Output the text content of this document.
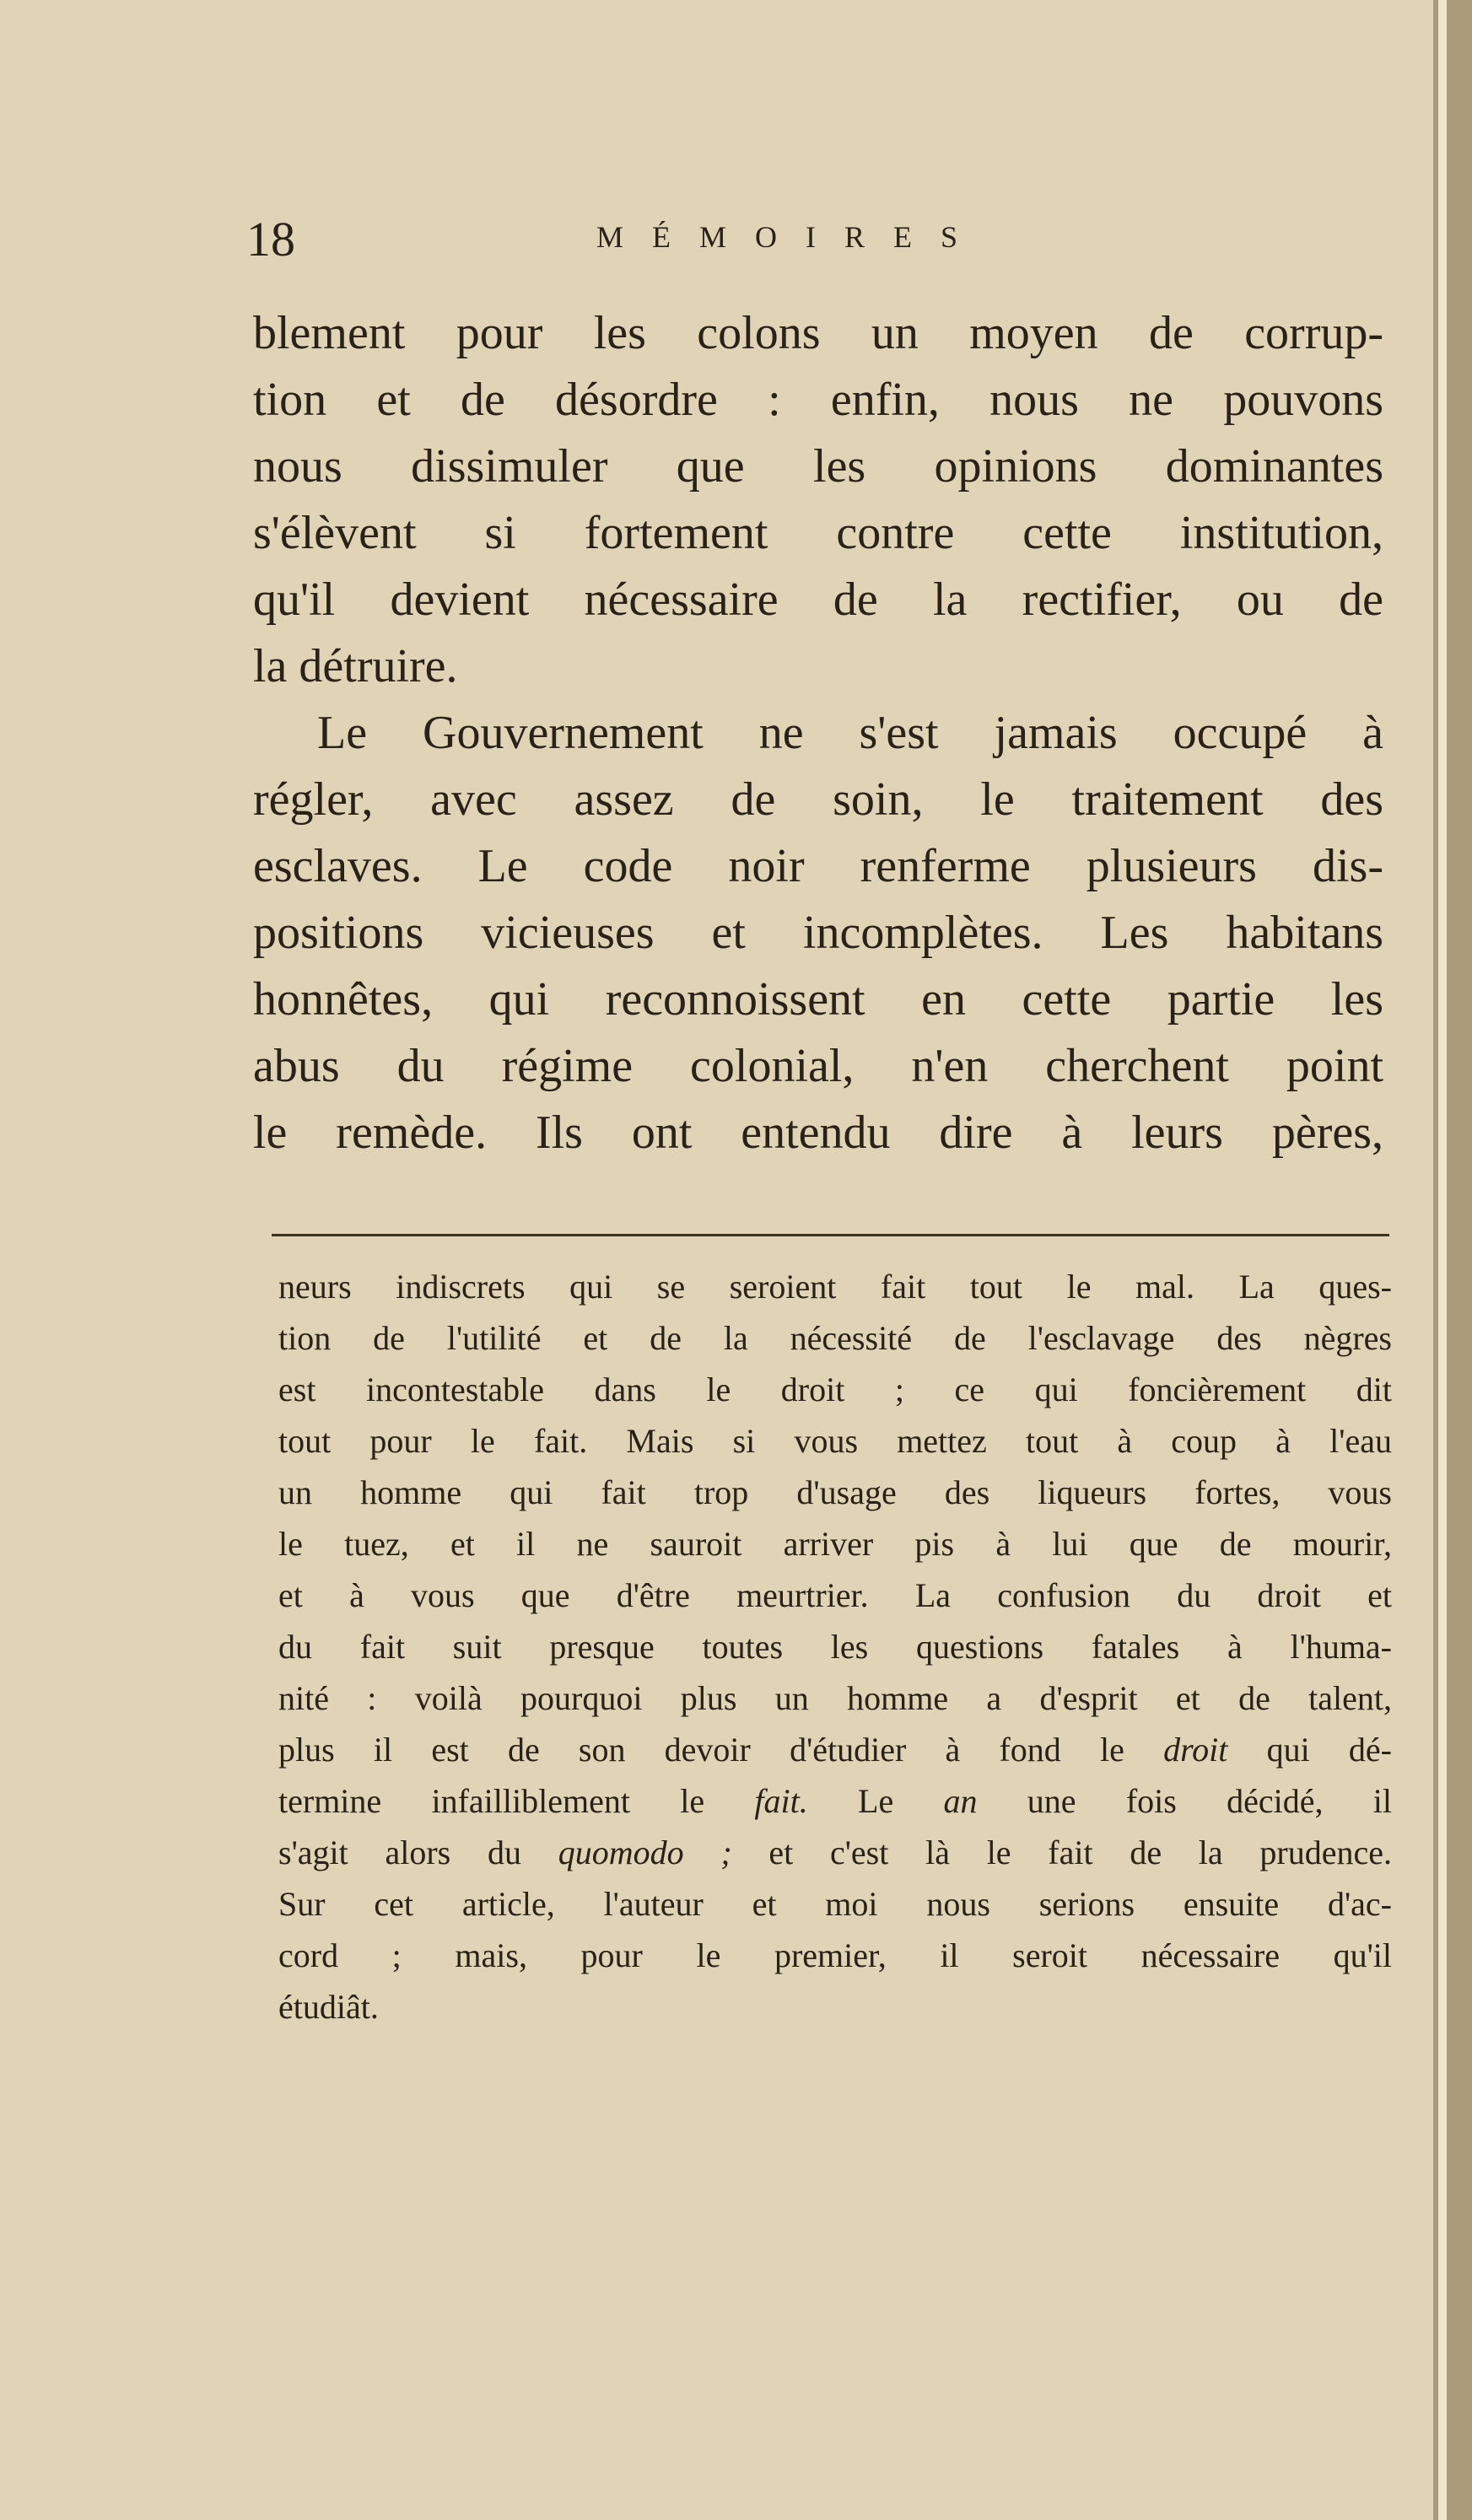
18	MÉMOIRES
blement pour les colons un moyen de corrup-
tion et de désordre : enfin, nous ne pouvons
nous dissimuler que les opinions dominantes
s'élèvent si fortement contre cette institution,
qu'il devient nécessaire de la rectifier, ou de
la détruire.
Le Gouvernement ne s'est jamais occupé à
régler, avec assez de soin, le traitement des
esclaves. Le code noir renferme plusieurs dis-
positions vicieuses et incomplètes. Les habitans
honnêtes, qui reconnoissent en cette partie les
abus du régime colonial, n'en cherchent point
le remède. Ils ont entendu dire à leurs pères,
neurs indiscrets qui se seroient fait tout le mal. La ques-
tion de l'utilité et de la nécessité de l'esclavage des nègres
est incontestable dans le droit ; ce qui foncièrement dit
tout pour le fait. Mais si vous mettez tout à coup à l'eau
un homme qui fait trop d'usage des liqueurs fortes, vous
le tuez, et il ne sauroit arriver pis à lui que de mourir,
et à vous que d'être meurtrier. La confusion du droit et
du fait suit presque toutes les questions fatales à l'huma-
nité : voilà pourquoi plus un homme a d'esprit et de talent,
plus il est de son devoir d'étudier à fond le droit qui dé-
termine infailliblement le fait. Le an une fois décidé, il
s'agit alors du quomodo ; et c'est là le fait de la prudence.
Sur cet article, l'auteur et moi nous serions ensuite d'ac-
cord ; mais, pour le premier, il seroit nécessaire qu'il
étudiât.
